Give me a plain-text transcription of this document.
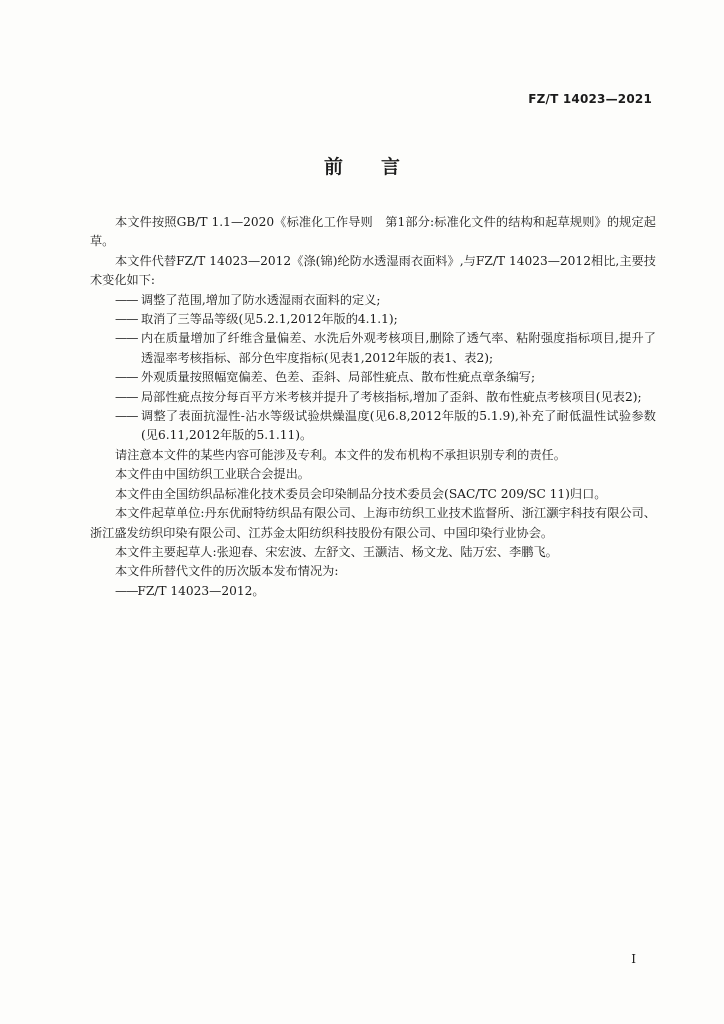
FZ/T 14023—2021
前言

本文件按照GB/T 1.1—2020《标准化工作导则　第1部分:标准化文件的结构和起草规则》的规定起草。

本文件代替FZ/T 14023—2012《涤(锦)纶防水透湿雨衣面料》,与FZ/T 14023—2012相比,主要技术变化如下:

—— 调整了范围,增加了防水透湿雨衣面料的定义;
—— 取消了三等品等级(见5.2.1,2012年版的4.1.1);
—— 内在质量增加了纤维含量偏差、水洗后外观考核项目,删除了透气率、粘附强度指标项目,提升了透湿率考核指标、部分色牢度指标(见表1,2012年版的表1、表2);
—— 外观质量按照幅宽偏差、色差、歪斜、局部性疵点、散布性疵点章条编写;
—— 局部性疵点按分每百平方米考核并提升了考核指标,增加了歪斜、散布性疵点考核项目(见表2);
—— 调整了表面抗湿性-沾水等级试验烘燥温度(见6.8,2012年版的5.1.9),补充了耐低温性试验参数(见6.11,2012年版的5.1.11)。

请注意本文件的某些内容可能涉及专利。本文件的发布机构不承担识别专利的责任。

本文件由中国纺织工业联合会提出。

本文件由全国纺织品标准化技术委员会印染制品分技术委员会(SAC/TC 209/SC 11)归口。

本文件起草单位:丹东优耐特纺织品有限公司、上海市纺织工业技术监督所、浙江灏宇科技有限公司、浙江盛发纺织印染有限公司、江苏金太阳纺织科技股份有限公司、中国印染行业协会。

本文件主要起草人:张迎春、宋宏波、左舒文、王灏洁、杨文龙、陆万宏、李鹏飞。

本文件所替代文件的历次版本发布情况为:

——FZ/T 14023—2012。

I
